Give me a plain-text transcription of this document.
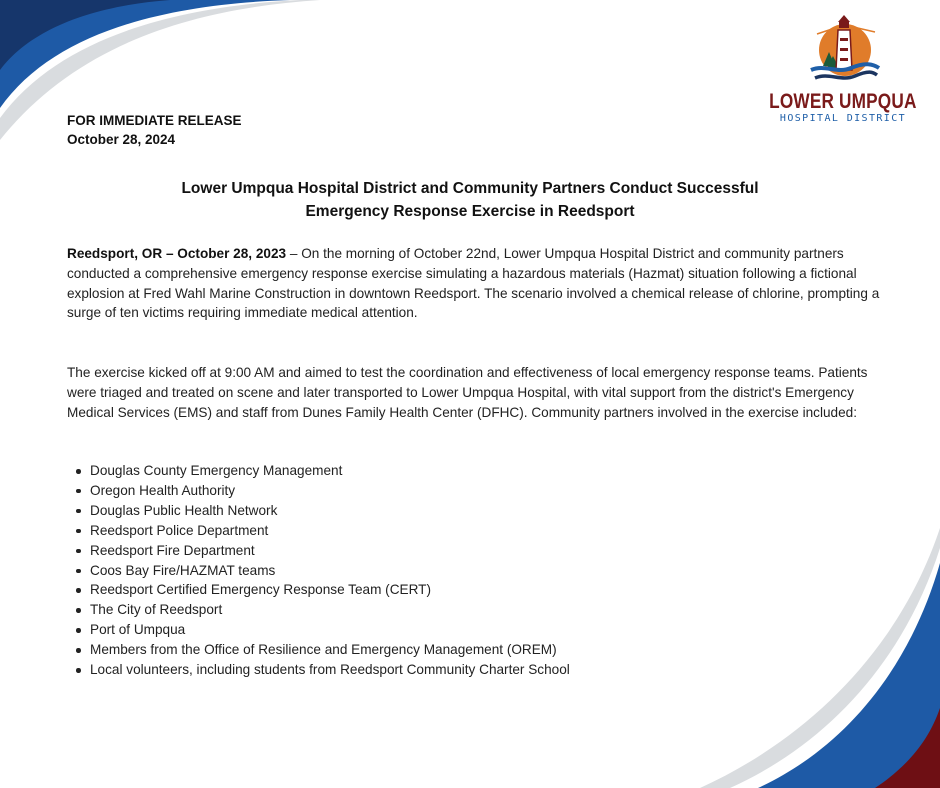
LOWER UMPQUA
HOSPITAL DISTRICT
FOR IMMEDIATE RELEASE
October 28, 2024
Lower Umpqua Hospital District and Community Partners Conduct Successful
Emergency Response Exercise in Reedsport
Reedsport, OR – October 28, 2023 – On the morning of October 22nd, Lower Umpqua Hospital District and community partners conducted a comprehensive emergency response exercise simulating a hazardous materials (Hazmat) situation following a fictional explosion at Fred Wahl Marine Construction in downtown Reedsport. The scenario involved a chemical release of chlorine, prompting a surge of ten victims requiring immediate medical attention.
The exercise kicked off at 9:00 AM and aimed to test the coordination and effectiveness of local emergency response teams. Patients were triaged and treated on scene and later transported to Lower Umpqua Hospital, with vital support from the district's Emergency Medical Services (EMS) and staff from Dunes Family Health Center (DFHC). Community partners involved in the exercise included:
Douglas County Emergency Management
Oregon Health Authority
Douglas Public Health Network
Reedsport Police Department
Reedsport Fire Department
Coos Bay Fire/HAZMAT teams
Reedsport Certified Emergency Response Team (CERT)
The City of Reedsport
Port of Umpqua
Members from the Office of Resilience and Emergency Management (OREM)
Local volunteers, including students from Reedsport Community Charter School
